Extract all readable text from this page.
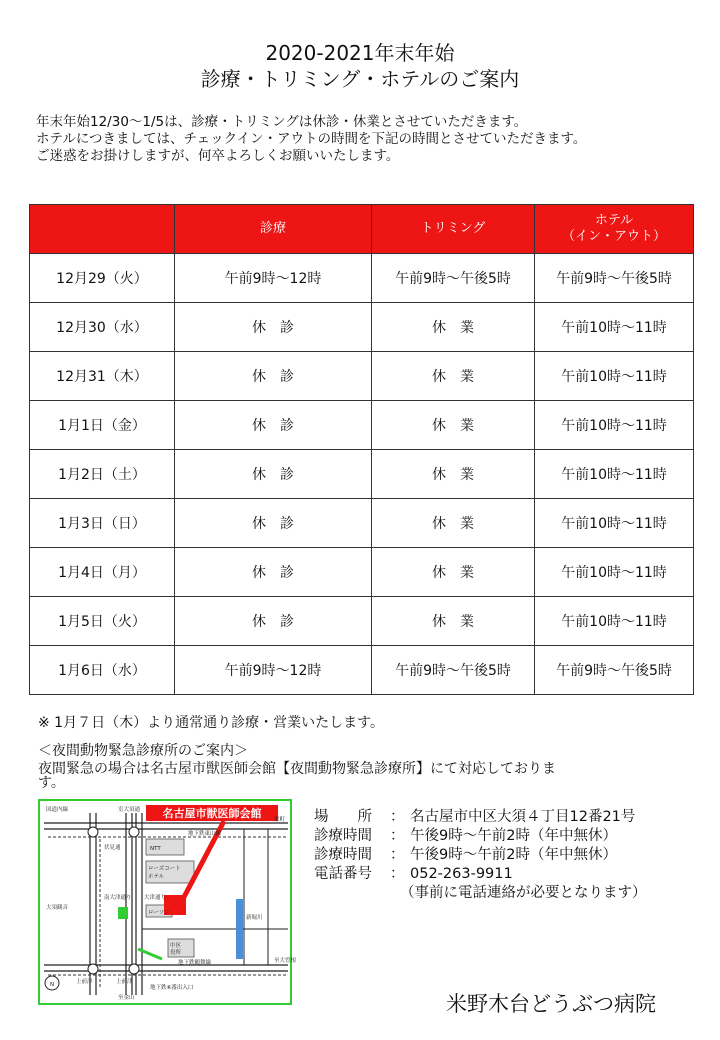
2020-2021年末年始
診療・トリミング・ホテルのご案内
年末年始12/30〜1/5は、診療・トリミングは休診・休業とさせていただきます。
ホテルにつきましては、チェックイン・アウトの時間を下記の時間とさせていただきます。
ご迷惑をお掛けしますが、何卒よろしくお願いいたします。
	診療	トリミング	ホテル
（イン・アウト）

12月29（火）	午前9時〜12時	午前9時〜午後5時	午前9時〜午後5時
12月30（水）	休　診	休　業	午前10時〜11時
12月31（木）	休　診	休　業	午前10時〜11時
1月1日（金）	休　診	休　業	午前10時〜11時
1月2日（土）	休　診	休　業	午前10時〜11時
1月3日（日）	休　診	休　業	午前10時〜11時
1月4日（月）	休　診	休　業	午前10時〜11時
1月5日（火）	休　診	休　業	午前10時〜11時
1月6日（水）	午前9時〜12時	午前9時〜午後5時	午前9時〜午後5時
※ 1月７日（木）より通常通り診療・営業いたします。
＜夜間動物緊急診療所のご案内＞
夜間緊急の場合は名古屋市獣医師会館【夜間動物緊急診療所】にて対応しておりま
す。
名古屋市獣医師会館
国道内線	室大須通
地下鉄東山線
伏見通
栄町
NTT
ローズコート
ホテル
ローソン
中区
役所
南大津通り 大津通り
新堀川
大須観音
上前津	上前津
地下鉄鶴舞線
地下鉄⑥番出入口
至金山
至大曽根
N
場　　所	： 名古屋市中区大須４丁目12番21号
診療時間	： 午後9時〜午前2時（年中無休）
診療時間	： 午後9時〜午前2時（年中無休）
電話番号	： 052-263-9911
（事前に電話連絡が必要となります）
米野木台どうぶつ病院
